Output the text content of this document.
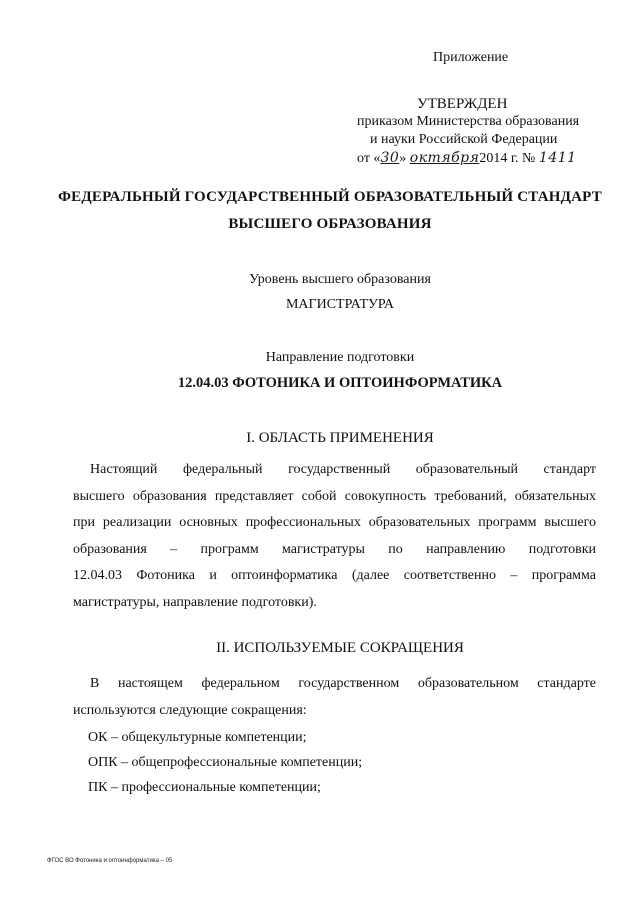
Приложение
УТВЕРЖДЕН
приказом Министерства образования
и науки Российской Федерации
от «30» октября2014 г. № 1411
ФЕДЕРАЛЬНЫЙ ГОСУДАРСТВЕННЫЙ ОБРАЗОВАТЕЛЬНЫЙ СТАНДАРТ
ВЫСШЕГО ОБРАЗОВАНИЯ
Уровень высшего образования
МАГИСТРАТУРА
Направление подготовки
12.04.03 ФОТОНИКА И ОПТОИНФОРМАТИКА
I. ОБЛАСТЬ ПРИМЕНЕНИЯ
Настоящий федеральный государственный образовательный стандарт
высшего образования представляет собой совокупность требований, обязательных
при реализации основных профессиональных образовательных программ высшего
образования – программ магистратуры по направлению подготовки
12.04.03 Фотоника и оптоинформатика (далее соответственно – программа
магистратуры, направление подготовки).
II. ИСПОЛЬЗУЕМЫЕ СОКРАЩЕНИЯ
В настоящем федеральном государственном образовательном стандарте
используются следующие сокращения:
ОК – общекультурные компетенции;
ОПК – общепрофессиональные компетенции;
ПК – профессиональные компетенции;
ФГОС ВО Фотоника и оптоинформатика – 05
